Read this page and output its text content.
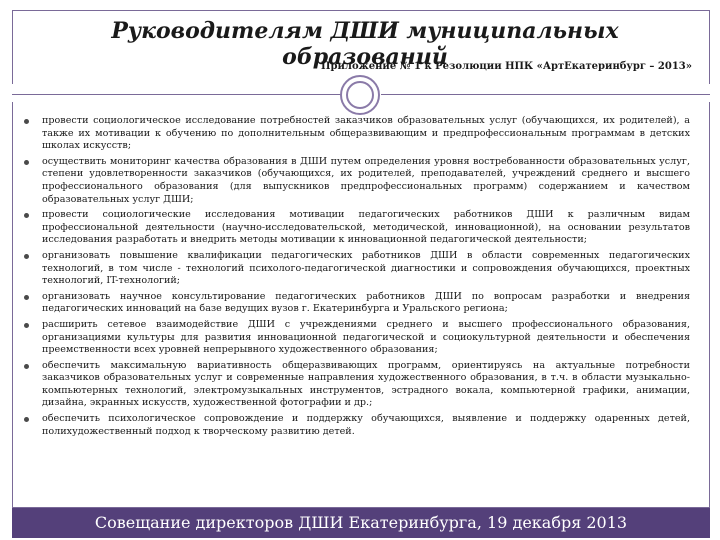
Руководителям ДШИ муниципальных образований
Приложение № 1 к Резолюции НПК «АртЕкатеринбург – 2013»
провести социологическое исследование потребностей заказчиков образовательных услуг (обучающихся, их родителей), а также их мотивации к обучению по дополнительным общеразвивающим и предпрофессиональным программам в детских школах искусств;
осуществить мониторинг качества образования в ДШИ путем определения уровня востребованности образовательных услуг, степени удовлетворенности заказчиков (обучающихся, их родителей, преподавателей, учреждений среднего и высшего профессионального образования (для выпускников предпрофессиональных программ) содержанием и качеством образовательных услуг ДШИ;
провести социологические исследования мотивации педагогических работников ДШИ к различным видам профессиональной деятельности (научно-исследовательской, методической, инновационной), на основании результатов исследования разработать и внедрить методы мотивации к инновационной педагогической деятельности;
организовать повышение квалификации педагогических работников ДШИ в области современных педагогических технологий, в том числе - технологий психолого-педагогической диагностики и сопровождения обучающихся, проектных технологий, IT-технологий;
организовать научное консультирование педагогических работников ДШИ по вопросам разработки и внедрения педагогических инноваций на базе ведущих вузов г. Екатеринбурга и Уральского региона;
расширить сетевое взаимодействие ДШИ с учреждениями среднего и высшего профессионального образования, организациями культуры для развития инновационной педагогической и социокультурной деятельности и обеспечения преемственности всех уровней непрерывного художественного образования;
обеспечить максимальную вариативность общеразвивающих программ, ориентируясь на актуальные потребности заказчиков образовательных услуг и современные направления художественного образования, в т.ч. в области музыкально-компьютерных технологий, электромузыкальных инструментов, эстрадного вокала, компьютерной графики, анимации, дизайна, экранных искусств, художественной фотографии и др.;
обеспечить психологическое сопровождение и поддержку обучающихся, выявление и поддержку одаренных детей, полихудожественный подход к творческому развитию детей.
Совещание директоров ДШИ Екатеринбурга, 19 декабря 2013
